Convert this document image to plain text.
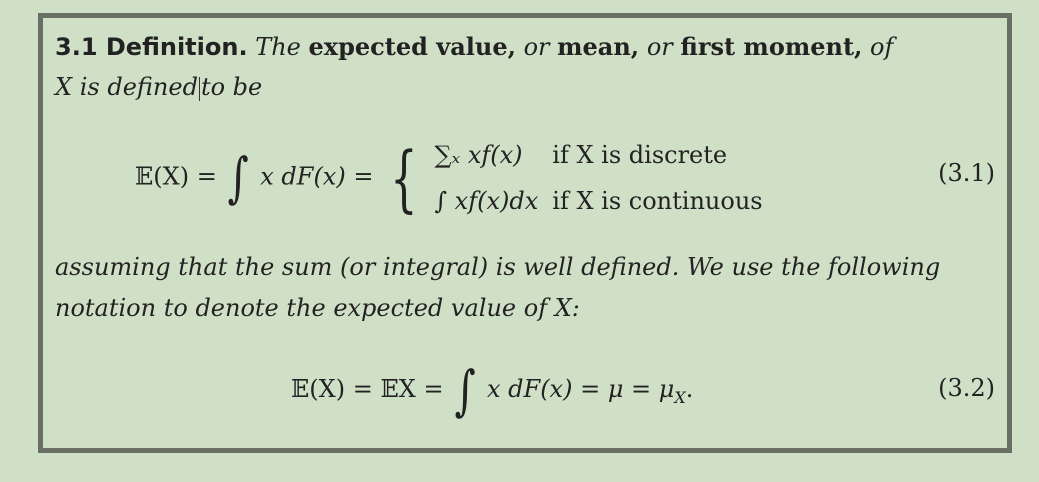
3.1 Definition. The expected value, or mean, or first moment, of
X is defined to be
𝔼(X) = ∫ x dF(x) = { ∑ₓ xf(x)	if X is discrete
∫ xf(x)dx	if X is continuous
(3.1)
assuming that the sum (or integral) is well defined. We use the following
notation to denote the expected value of X:
𝔼(X) = 𝔼X = ∫ x $dF(x) = \mu = \mu_X$.	(3.2)
